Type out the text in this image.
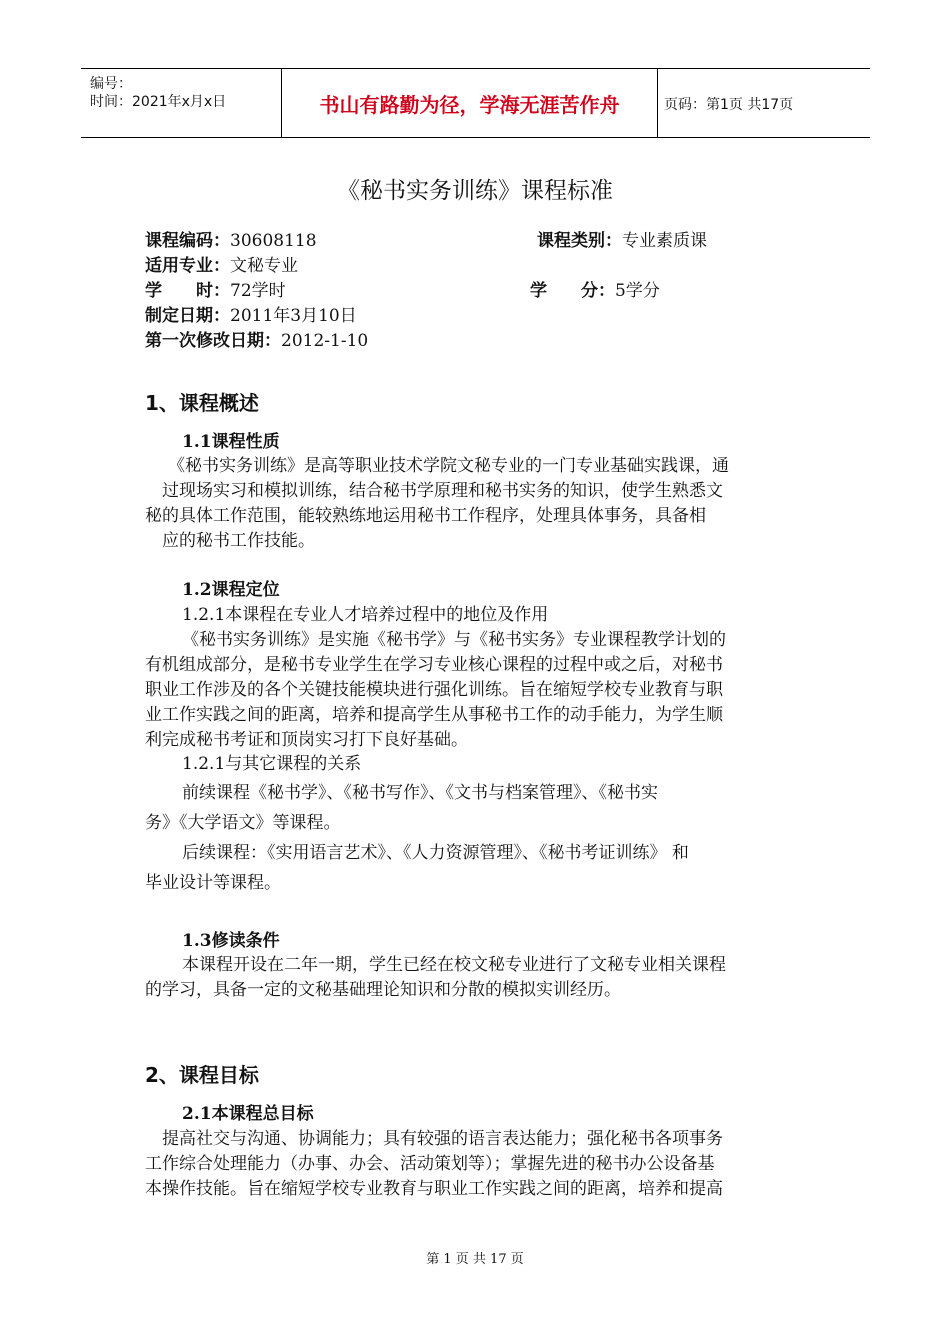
编号：
时间：2021年x月x日	书山有路勤为径，学海无涯苦作舟	页码：第1页 共17页
《秘书实务训练》课程标准
课程编码：30608118	课程类别：专业素质课
适用专业：文秘专业
学　　时：72学时	学　　分：5学分
制定日期：2011年3月10日
第一次修改日期：2012-1-10
1、课程概述
1.1课程性质
《秘书实务训练》是高等职业技术学院文秘专业的一门专业基础实践课，通
过现场实习和模拟训练，结合秘书学原理和秘书实务的知识，使学生熟悉文
秘的具体工作范围，能较熟练地运用秘书工作程序，处理具体事务，具备相
应的秘书工作技能。
1.2课程定位
1.2.1本课程在专业人才培养过程中的地位及作用
《秘书实务训练》是实施《秘书学》与《秘书实务》专业课程教学计划的
有机组成部分，是秘书专业学生在学习专业核心课程的过程中或之后，对秘书
职业工作涉及的各个关键技能模块进行强化训练。旨在缩短学校专业教育与职
业工作实践之间的距离，培养和提高学生从事秘书工作的动手能力，为学生顺
利完成秘书考证和顶岗实习打下良好基础。
1.2.1与其它课程的关系
前续课程《秘书学》、《秘书写作》、《文书与档案管理》、《秘书实
务》《大学语文》等课程。
后续课程：《实用语言艺术》、《人力资源管理》、《秘书考证训练》 和
毕业设计等课程。
1.3修读条件
本课程开设在二年一期，学生已经在校文秘专业进行了文秘专业相关课程
的学习，具备一定的文秘基础理论知识和分散的模拟实训经历。
2、课程目标
2.1本课程总目标
提高社交与沟通、协调能力；具有较强的语言表达能力；强化秘书各项事务
工作综合处理能力（办事、办会、活动策划等）；掌握先进的秘书办公设备基
本操作技能。旨在缩短学校专业教育与职业工作实践之间的距离，培养和提高
第 1 页 共 17 页
